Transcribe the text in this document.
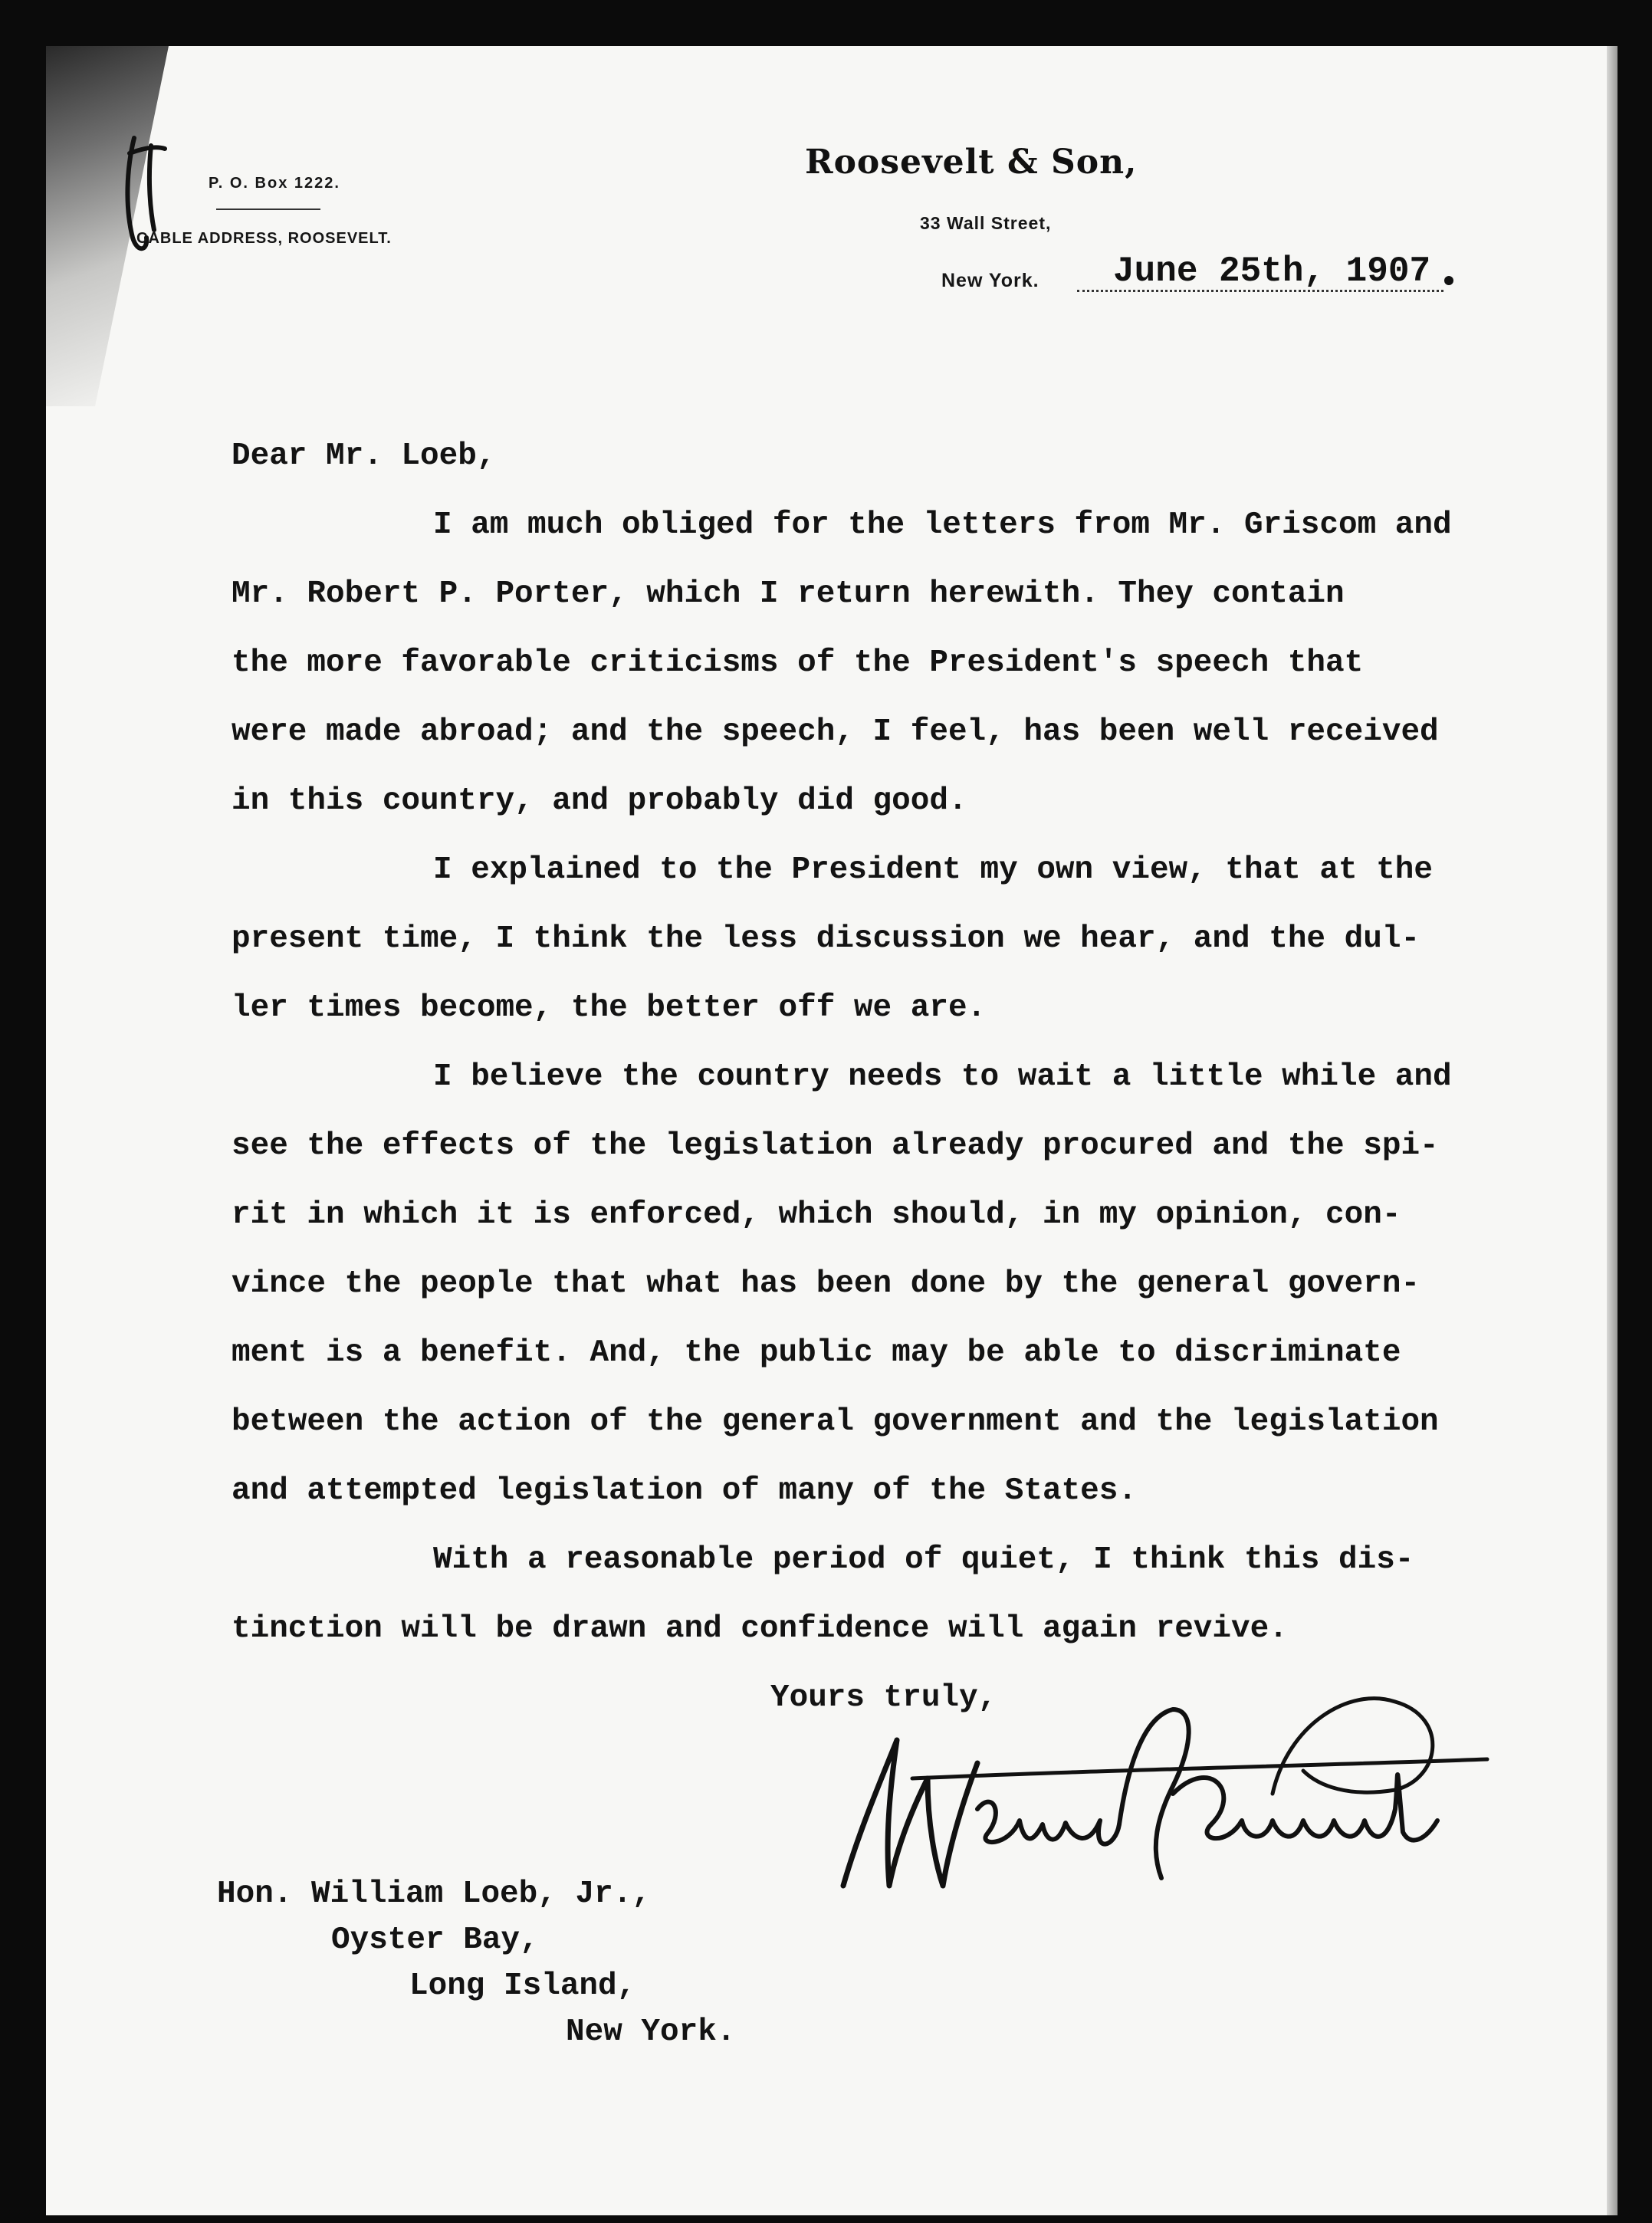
P. O. Box 1222.
CABLE ADDRESS, ROOSEVELT.
Roosevelt & Son,
33 Wall Street,
New York. June 25th, 1907
Dear Mr. Loeb,
I am much obliged for the letters from Mr. Griscom and
Mr. Robert P. Porter, which I return herewith. They contain
the more favorable criticisms of the President's speech that
were made abroad; and the speech, I feel, has been well received
in this country, and probably did good.
I explained to the President my own view, that at the
present time, I think the less discussion we hear, and the dul-
ler times become, the better off we are.
I believe the country needs to wait a little while and
see the effects of the legislation already procured and the spi-
rit in which it is enforced, which should, in my opinion, con-
vince the people that what has been done by the general govern-
ment is a benefit. And, the public may be able to discriminate
between the action of the general government and the legislation
and attempted legislation of many of the States.
With a reasonable period of quiet, I think this dis-
tinction will be drawn and confidence will again revive.
Yours truly,
Hon. William Loeb, Jr.,
Oyster Bay,
Long Island,
New York.
